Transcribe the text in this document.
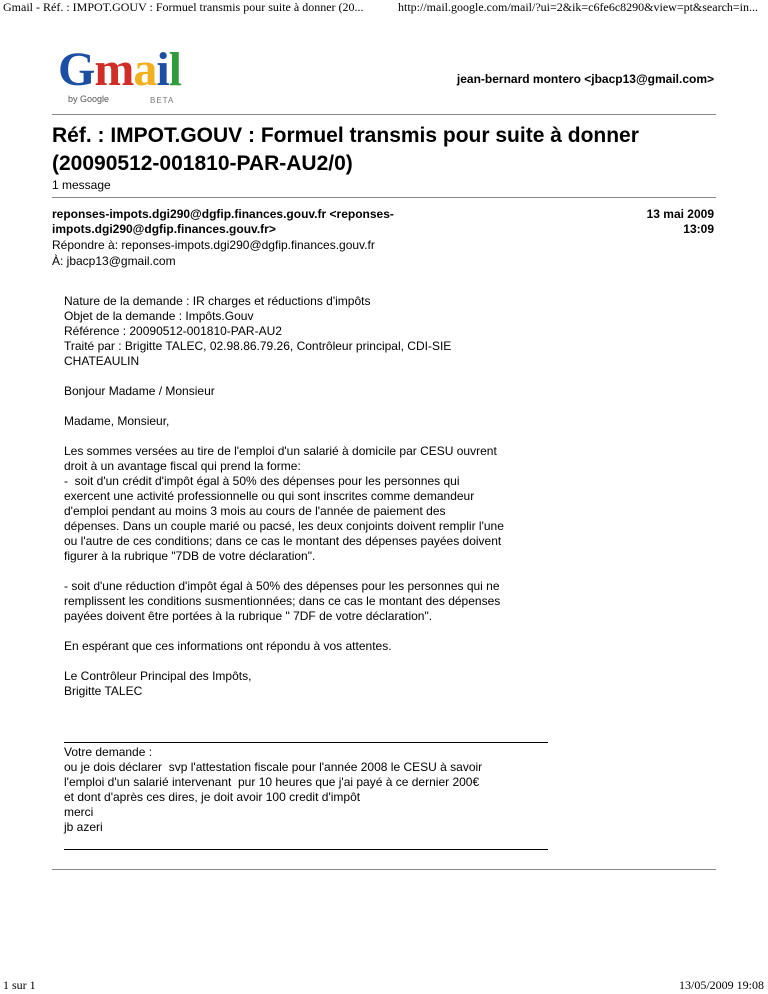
Gmail - Réf. : IMPOT.GOUV : Formuel transmis pour suite à donner (20...	http://mail.google.com/mail/?ui=2&ik=c6fe6c8290&view=pt&search=in...
Gmail
by Google	BETA
jean-bernard montero <jbacp13@gmail.com>
Réf. : IMPOT.GOUV : Formuel transmis pour suite à donner (20090512-001810-PAR-AU2/0)
1 message
reponses-impots.dgi290@dgfip.finances.gouv.fr <reponses-impots.dgi290@dgfip.finances.gouv.fr>
13 mai 2009
13:09
Répondre à: reponses-impots.dgi290@dgfip.finances.gouv.fr
À: jbacp13@gmail.com
Nature de la demande : IR charges et réductions d'impôts
Objet de la demande : Impôts.Gouv
Référence : 20090512-001810-PAR-AU2
Traité par : Brigitte TALEC, 02.98.86.79.26, Contrôleur principal, CDI-SIE CHATEAULIN

Bonjour Madame / Monsieur

Madame, Monsieur,

Les sommes versées au tire de l'emploi d'un salarié à domicile par CESU ouvrent droit à un avantage fiscal qui prend la forme:
-  soit d'un crédit d'impôt égal à 50% des dépenses pour les personnes qui exercent une activité professionnelle ou qui sont inscrites comme demandeur d'emploi pendant au moins 3 mois au cours de l'année de paiement des dépenses. Dans un couple marié ou pacsé, les deux conjoints doivent remplir l'une ou l'autre de ces conditions; dans ce cas le montant des dépenses payées doivent figurer à la rubrique "7DB de votre déclaration".

- soit d'une réduction d'impôt égal à 50% des dépenses pour les personnes qui ne remplissent les conditions susmentionnées; dans ce cas le montant des dépenses payées doivent être portées à la rubrique " 7DF de votre déclaration".

En espérant que ces informations ont répondu à vos attentes.

Le Contrôleur Principal des Impôts,
Brigitte TALEC
Votre demande :
ou je dois déclarer  svp l'attestation fiscale pour l'année 2008 le CESU à savoir l'emploi d'un salarié intervenant  pur 10 heures que j'ai payé à ce dernier 200€ et dont d'après ces dires, je doit avoir 100 credit d'impôt
merci
jb azeri
1 sur 1	13/05/2009 19:08
